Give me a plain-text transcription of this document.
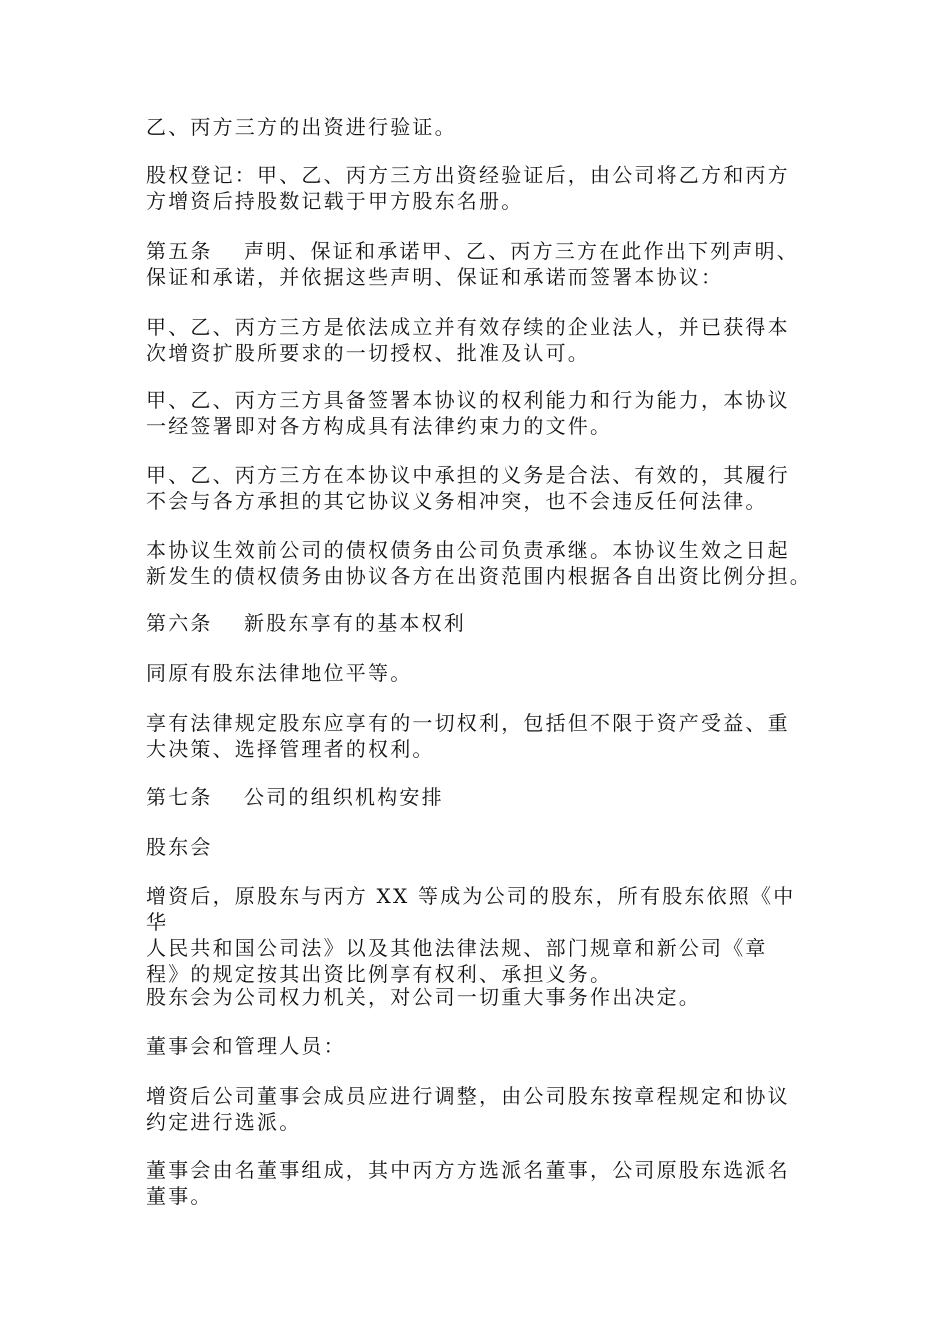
乙、丙方三方的出资进行验证。

股权登记：甲、乙、丙方三方出资经验证后，由公司将乙方和丙方
方增资后持股数记载于甲方股东名册。

第五条 声明、保证和承诺甲、乙、丙方三方在此作出下列声明、
保证和承诺，并依据这些声明、保证和承诺而签署本协议：

甲、乙、丙方三方是依法成立并有效存续的企业法人，并已获得本
次增资扩股所要求的一切授权、批准及认可。

甲、乙、丙方三方具备签署本协议的权利能力和行为能力，本协议
一经签署即对各方构成具有法律约束力的文件。

甲、乙、丙方三方在本协议中承担的义务是合法、有效的，其履行
不会与各方承担的其它协议义务相冲突，也不会违反任何法律。

本协议生效前公司的债权债务由公司负责承继。本协议生效之日起
新发生的债权债务由协议各方在出资范围内根据各自出资比例分担。

第六条 新股东享有的基本权利

同原有股东法律地位平等。

享有法律规定股东应享有的一切权利，包括但不限于资产受益、重
大决策、选择管理者的权利。

第七条 公司的组织机构安排

股东会

增资后，原股东与丙方 XX 等成为公司的股东，所有股东依照《中华
人民共和国公司法》以及其他法律法规、部门规章和新公司《章
程》的规定按其出资比例享有权利、承担义务。

股东会为公司权力机关，对公司一切重大事务作出决定。

董事会和管理人员：

增资后公司董事会成员应进行调整，由公司股东按章程规定和协议
约定进行选派。

董事会由名董事组成，其中丙方方选派名董事，公司原股东选派名
董事。
